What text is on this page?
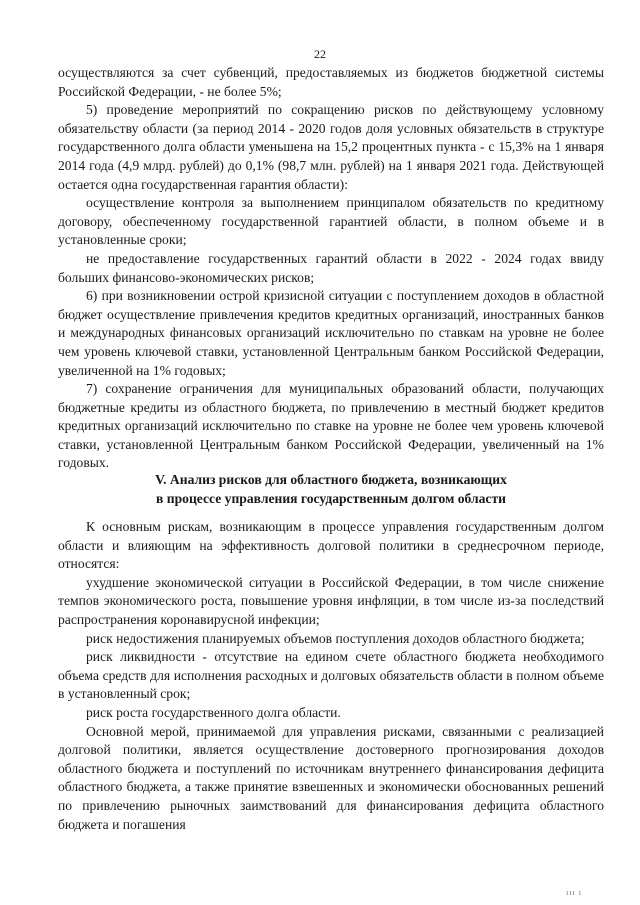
22

осуществляются за счет субвенций, предоставляемых из бюджетов бюджетной системы Российской Федерации, - не более 5%;

5) проведение мероприятий по сокращению рисков по действующему условному обязательству области (за период 2014 - 2020 годов доля условных обязательств в структуре государственного долга области уменьшена на 15,2 процентных пункта - с 15,3% на 1 января 2014 года (4,9 млрд. рублей) до 0,1% (98,7 млн. рублей) на 1 января 2021 года. Действующей остается одна государственная гарантия области):

осуществление контроля за выполнением принципалом обязательств по кредитному договору, обеспеченному государственной гарантией области, в полном объеме и в установленные сроки;

не предоставление государственных гарантий области в 2022 - 2024 годах ввиду больших финансово-экономических рисков;

6) при возникновении острой кризисной ситуации с поступлением доходов в областной бюджет осуществление привлечения кредитов кредитных организаций, иностранных банков и международных финансовых организаций исключительно по ставкам на уровне не более чем уровень ключевой ставки, установленной Центральным банком Российской Федерации, увеличенной на 1% годовых;

7) сохранение ограничения для муниципальных образований области, получающих бюджетные кредиты из областного бюджета, по привлечению в местный бюджет кредитов кредитных организаций исключительно по ставке на уровне не более чем уровень ключевой ставки, установленной Центральным банком Российской Федерации, увеличенный на 1% годовых.

V. Анализ рисков для областного бюджета, возникающих
в процессе управления государственным долгом области

К основным рискам, возникающим в процессе управления государственным долгом области и влияющим на эффективность долговой политики в среднесрочном периоде, относятся:

ухудшение экономической ситуации в Российской Федерации, в том числе снижение темпов экономического роста, повышение уровня инфляции, в том числе из-за последствий распространения коронавирусной инфекции;

риск недостижения планируемых объемов поступления доходов областного бюджета;

риск ликвидности - отсутствие на едином счете областного бюджета необходимого объема средств для исполнения расходных и долговых обязательств области в полном объеме в установленный срок;

риск роста государственного долга области.

Основной мерой, принимаемой для управления рисками, связанными с реализацией долговой политики, является осуществление достоверного прогнозирования доходов областного бюджета и поступлений по источникам внутреннего финансирования дефицита областного бюджета, а также принятие взвешенных и экономически обоснованных решений по привлечению рыночных заимствований для финансирования дефицита областного бюджета и погашения

ııı ı
